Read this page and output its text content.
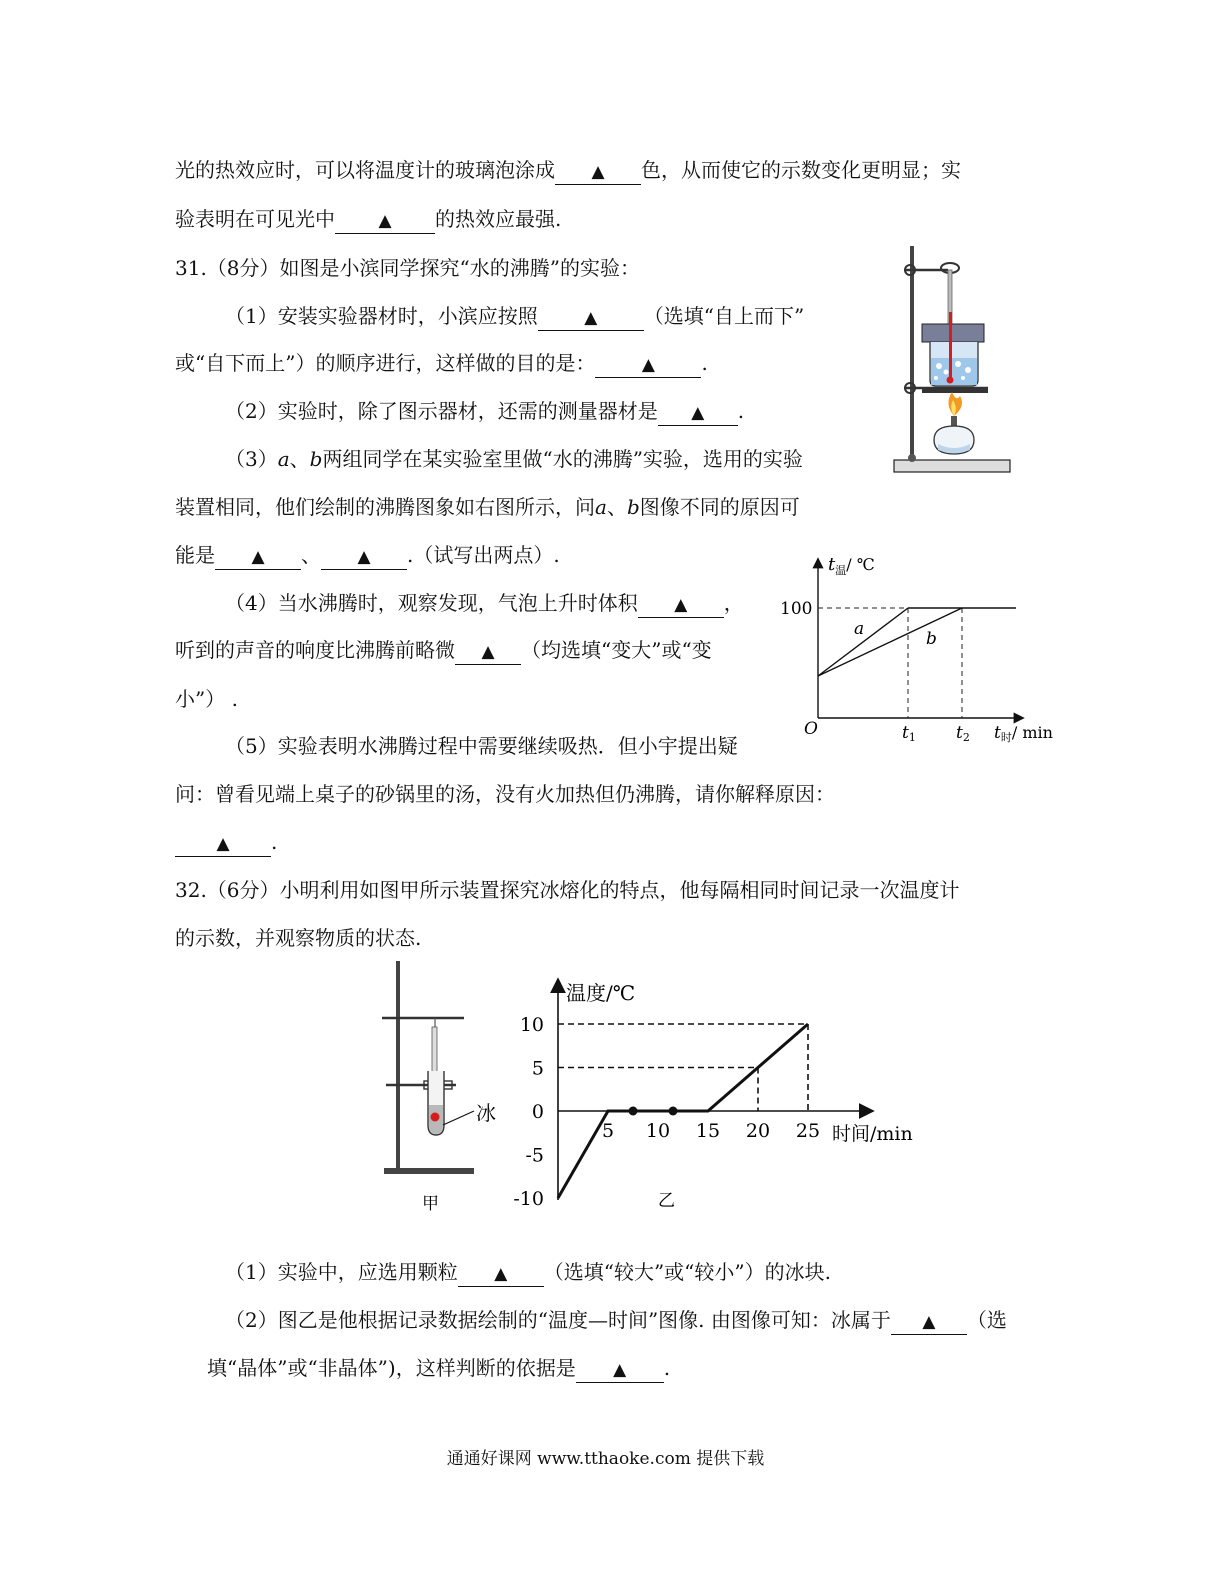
光的热效应时，可以将温度计的玻璃泡涂成 ▲ 色，从而使它的示数变化更明显；实
验表明在可见光中	▲ 的热效应最强.
31.（8分）如图是小滨同学探究“水的沸腾”的实验：
（1）安装实验器材时，小滨应按照	▲ （选填“自上而下”
或“自下而上”）的顺序进行，这样做的目的是：	▲ .
（2）实验时，除了图示器材，还需的测量器材是 ▲ .
（3）a、b两组同学在某实验室里做“水的沸腾”实验，选用的实验
装置相同，他们绘制的沸腾图象如右图所示，问a、b图像不同的原因可
能是 ▲ 、 ▲ .（试写出两点）.
（4）当水沸腾时，观察发现，气泡上升时体积 ▲ ，
听到的声音的响度比沸腾前略微 ▲ （均选填“变大”或“变
小”） .
（5）实验表明水沸腾过程中需要继续吸热．但小宇提出疑
问：曾看见端上桌子的砂锅里的汤，没有火加热但仍沸腾，请你解释原因：
▲ .
$t_温/$ ℃
100
O
a	b
t1 t2 t时/ min
32.（6分）小明利用如图甲所示装置探究冰熔化的特点，他每隔相同时间记录一次温度计
的示数，并观察物质的状态.
冰
甲
5 10 15 20 25
10
5
0
-5
-10
温度/℃
时间/min
乙
（1）实验中，应选用颗粒 ▲ （选填“较大”或“较小”）的冰块.
（2）图乙是他根据记录数据绘制的“温度—时间”图像. 由图像可知：冰属于 ▲ （选
填“晶体”或“非晶体”)，这样判断的依据是 ▲ .
通通好课网 www.tthaoke.com 提供下载
